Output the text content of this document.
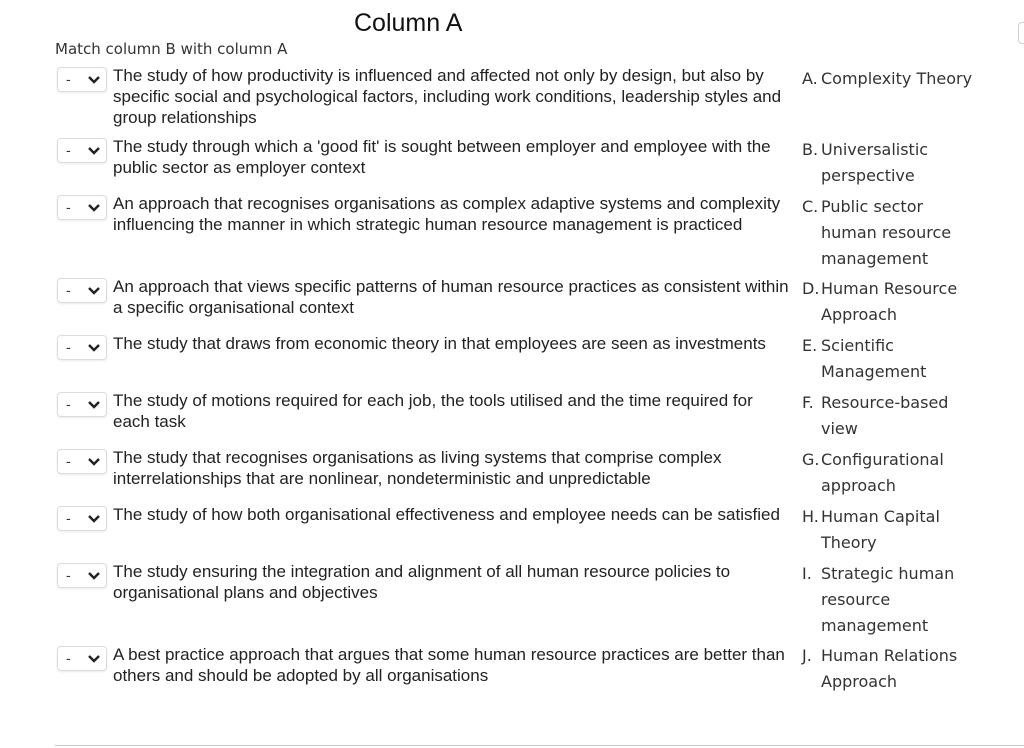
Column A
Match column B with column A
- The study of how productivity is influenced and affected not only by design, but also by specific social and psychological factors, including work conditions, leadership styles and group relationships
- The study through which a 'good fit' is sought between employer and employee with the public sector as employer context
- An approach that recognises organisations as complex adaptive systems and complexity influencing the manner in which strategic human resource management is practiced
- An approach that views specific patterns of human resource practices as consistent within a specific organisational context
- The study that draws from economic theory in that employees are seen as investments
- The study of motions required for each job, the tools utilised and the time required for each task
- The study that recognises organisations as living systems that comprise complex interrelationships that are nonlinear, nondeterministic and unpredictable
- The study of how both organisational effectiveness and employee needs can be satisfied
- The study ensuring the integration and alignment of all human resource policies to organisational plans and objectives
- A best practice approach that argues that some human resource practices are better than others and should be adopted by all organisations
A. Complexity Theory
B. Universalistic perspective
C. Public sector human resource management
D. Human Resource Approach
E. Scientific Management
F. Resource-based view
G. Configurational approach
H. Human Capital Theory
I. Strategic human resource management
J. Human Relations Approach
